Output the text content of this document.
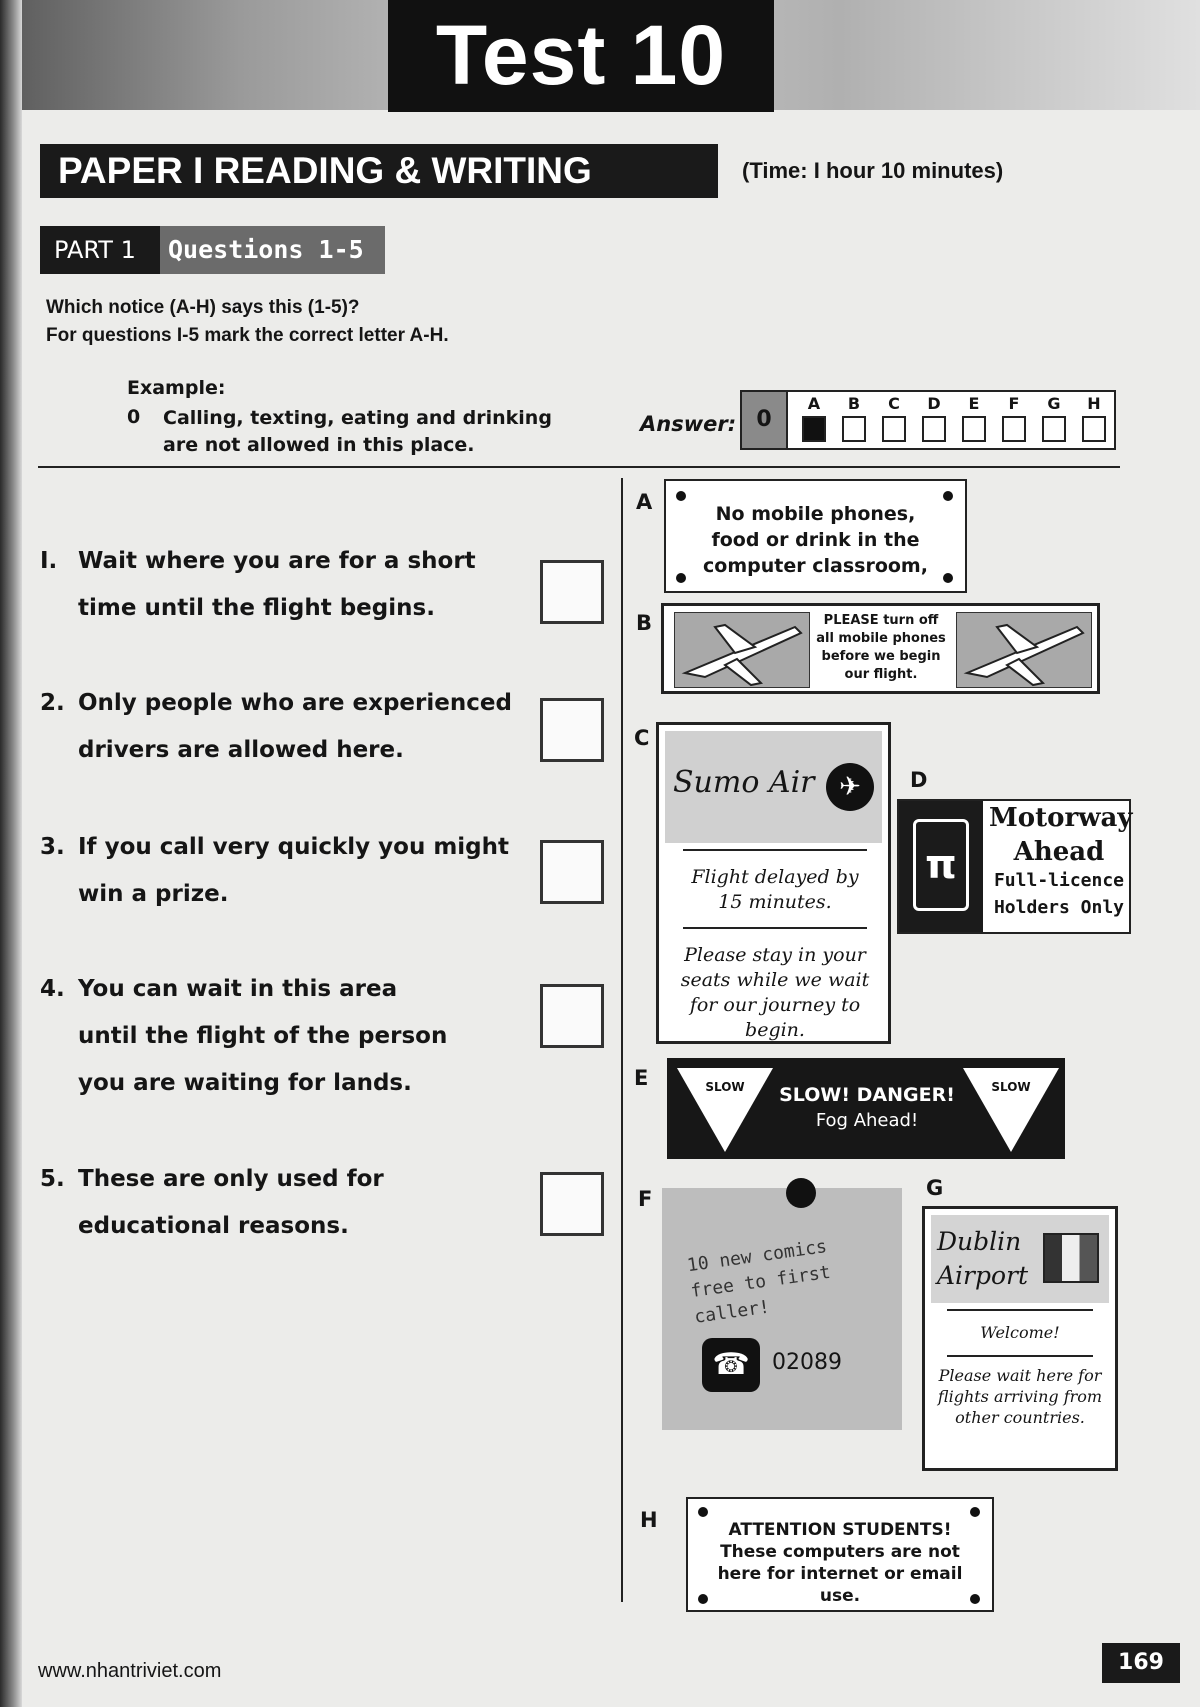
Test 10
PAPER I READING & WRITING	(Time: I hour 10 minutes)
PART 1	Questions 1-5
Which notice (A-H) says this (1-5)?
For questions I-5 mark the correct letter A-H.
Example:
0 Calling, texting, eating and drinking are not allowed in this place.
Answer: 0
A	B	C	D	E	F	G	H
I. Wait where you are for a short time until the flight begins.
2. Only people who are experienced drivers are allowed here.
3. If you call very quickly you might win a prize.
4. You can wait in this area until the flight of the person you are waiting for lands.
5. These are only used for educational reasons.
A
B
C
D
E
F	G
H
No mobile phones, food or drink in the computer classroom,
PLEASE turn off all mobile phones before we begin our flight.
Sumo Air ✈
Flight delayed by 15 minutes.
Please stay in your seats while we wait for our journey to begin.
π
Motorway Ahead
Full-licence Holders Only
SLOW	SLOW! DANGER!
Fog Ahead!
SLOW
10 new comics free to first caller!
☎	02089
Dublin Airport
Welcome!
Please wait here for flights arriving from other countries.
ATTENTION STUDENTS!
These computers are not here for internet or email use.
www.nhantriviet.com	169
